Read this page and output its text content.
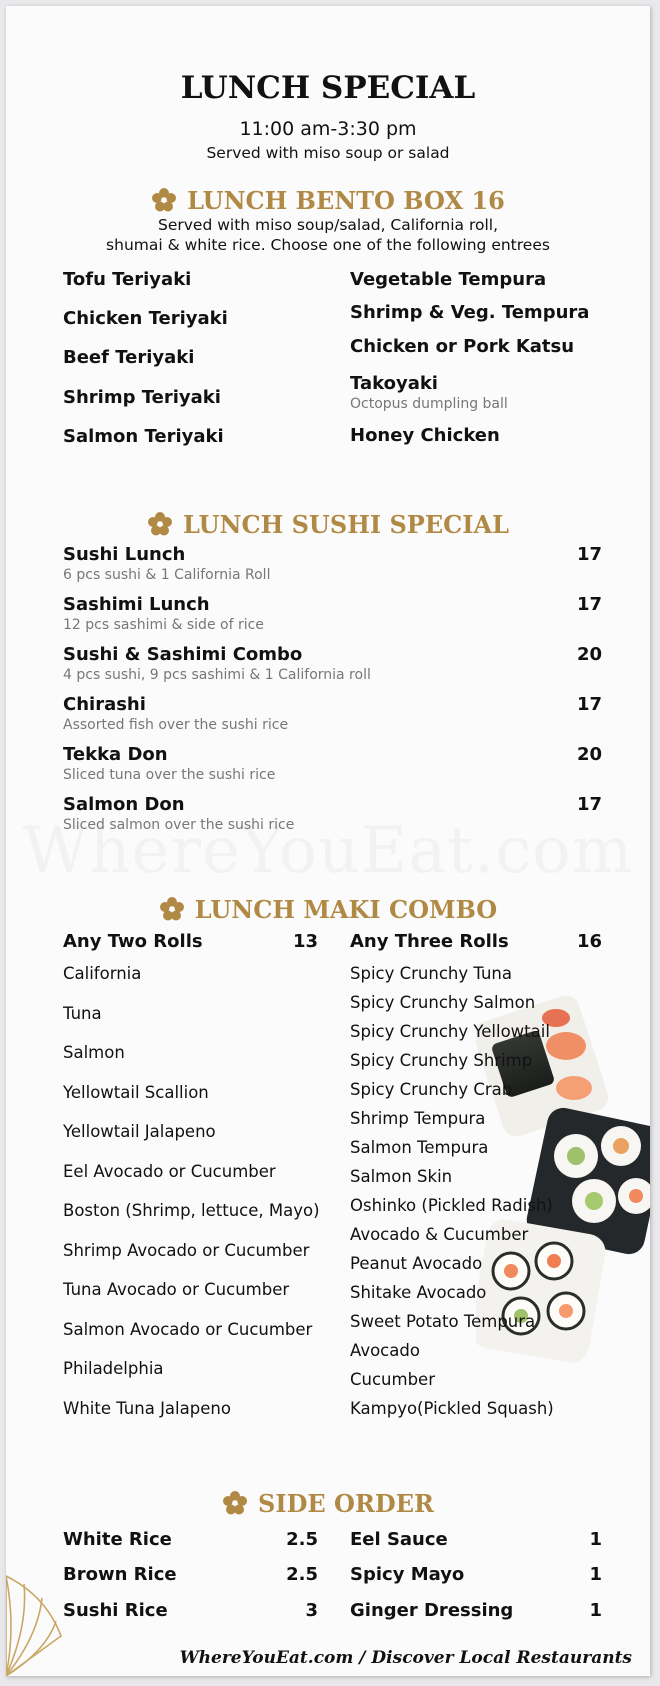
LUNCH SPECIAL
11:00 am-3:30 pm
Served with miso soup or salad
LUNCH BENTO BOX 16
Served with miso soup/salad, California roll,
shumai & white rice. Choose one of the following entrees
Tofu Teriyaki
Chicken Teriyaki
Beef Teriyaki
Shrimp Teriyaki
Salmon Teriyaki
Vegetable Tempura
Shrimp & Veg. Tempura
Chicken or Pork Katsu
Takoyaki
Octopus dumpling ball
Honey Chicken
LUNCH SUSHI SPECIAL
Sushi Lunch
6 pcs sushi & 1 California Roll
17
Sashimi Lunch
12 pcs sashimi & side of rice
17
Sushi & Sashimi Combo
4 pcs sushi, 9 pcs sashimi & 1 California roll
20
Chirashi
Assorted fish over the sushi rice
17
Tekka Don
Sliced tuna over the sushi rice
20
Salmon Don
Sliced salmon over the sushi rice
17
LUNCH MAKI COMBO
Any Two Rolls	13 Any Three Rolls	16
California
Tuna
Salmon
Yellowtail Scallion
Yellowtail Jalapeno
Eel Avocado or Cucumber
Boston (Shrimp, lettuce, Mayo)
Shrimp Avocado or Cucumber
Tuna Avocado or Cucumber
Salmon Avocado or Cucumber
Philadelphia
White Tuna Jalapeno
Spicy Crunchy Tuna
Spicy Crunchy Salmon
Spicy Crunchy Yellowtail
Spicy Crunchy Shrimp
Spicy Crunchy Crab
Shrimp Tempura
Salmon Tempura
Salmon Skin
Oshinko (Pickled Radish)
Avocado & Cucumber
Peanut Avocado
Shitake Avocado
Sweet Potato Tempura
Avocado
Cucumber
Kampyo(Pickled Squash)
SIDE ORDER
White Rice	2.5
Brown Rice	2.5
Sushi Rice	3
Eel Sauce	1
Spicy Mayo	1
Ginger Dressing	1
WhereYouEat.com / Discover Local Restaurants
